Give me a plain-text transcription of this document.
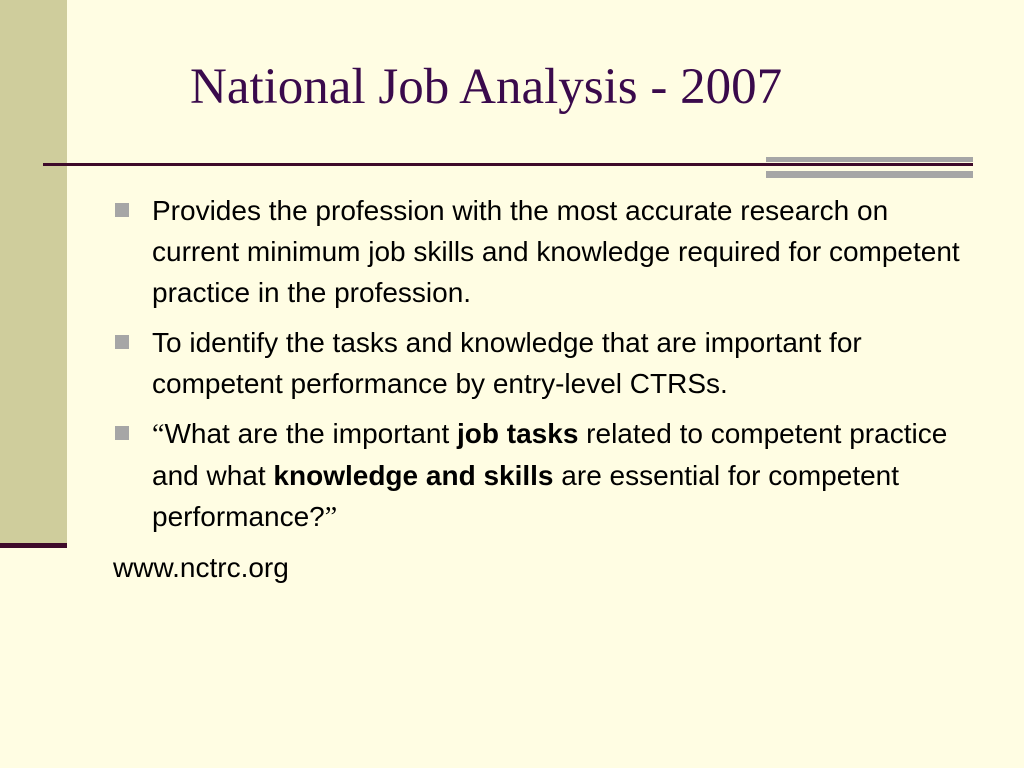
National Job Analysis - 2007
Provides the profession with the most accurate research on current minimum job skills and knowledge required for competent practice in the profession.
To identify the tasks and knowledge that are important for competent performance by entry-level CTRSs.
“What are the important job tasks related to competent practice and what knowledge and skills are essential for competent performance?”
www.nctrc.org
